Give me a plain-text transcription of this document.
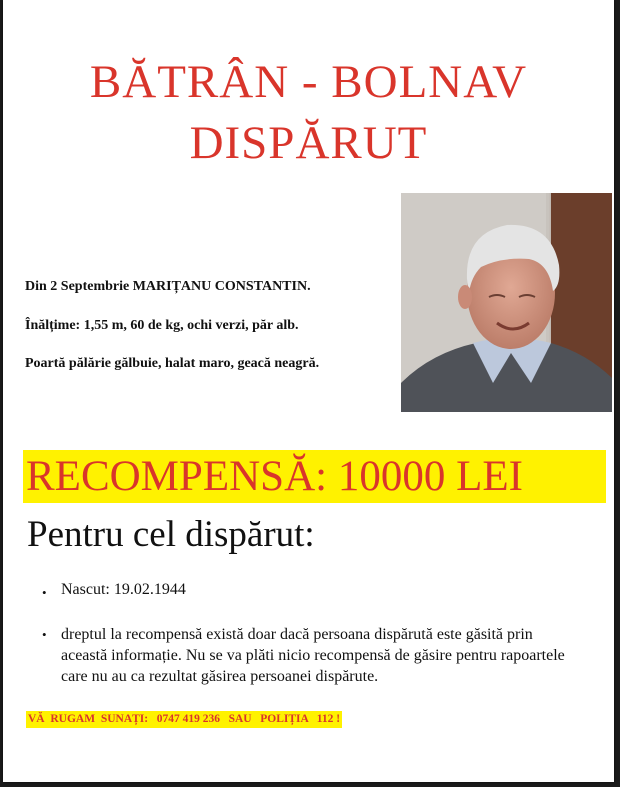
BĂTRÂN - BOLNAV
DISPĂRUT
Din 2 Septembrie MARIȚANU CONSTANTIN.
Înălțime: 1,55 m, 60 de kg, ochi verzi, păr alb.
Poartă pălărie gălbuie, halat maro, geacă neagră.
RECOMPENSĂ: 10000 LEI
Pentru cel dispărut:
• Nascut: 19.02.1944
• dreptul la recompensă există doar dacă persoana dispărută este găsită prin această informație. Nu se va plăti nicio recompensă de găsire pentru rapoartele care nu au ca rezultat găsirea persoanei dispărute.
VĂ  RUGAM  SUNAȚI:   0747 419 236   SAU   POLIȚIA   112 !
